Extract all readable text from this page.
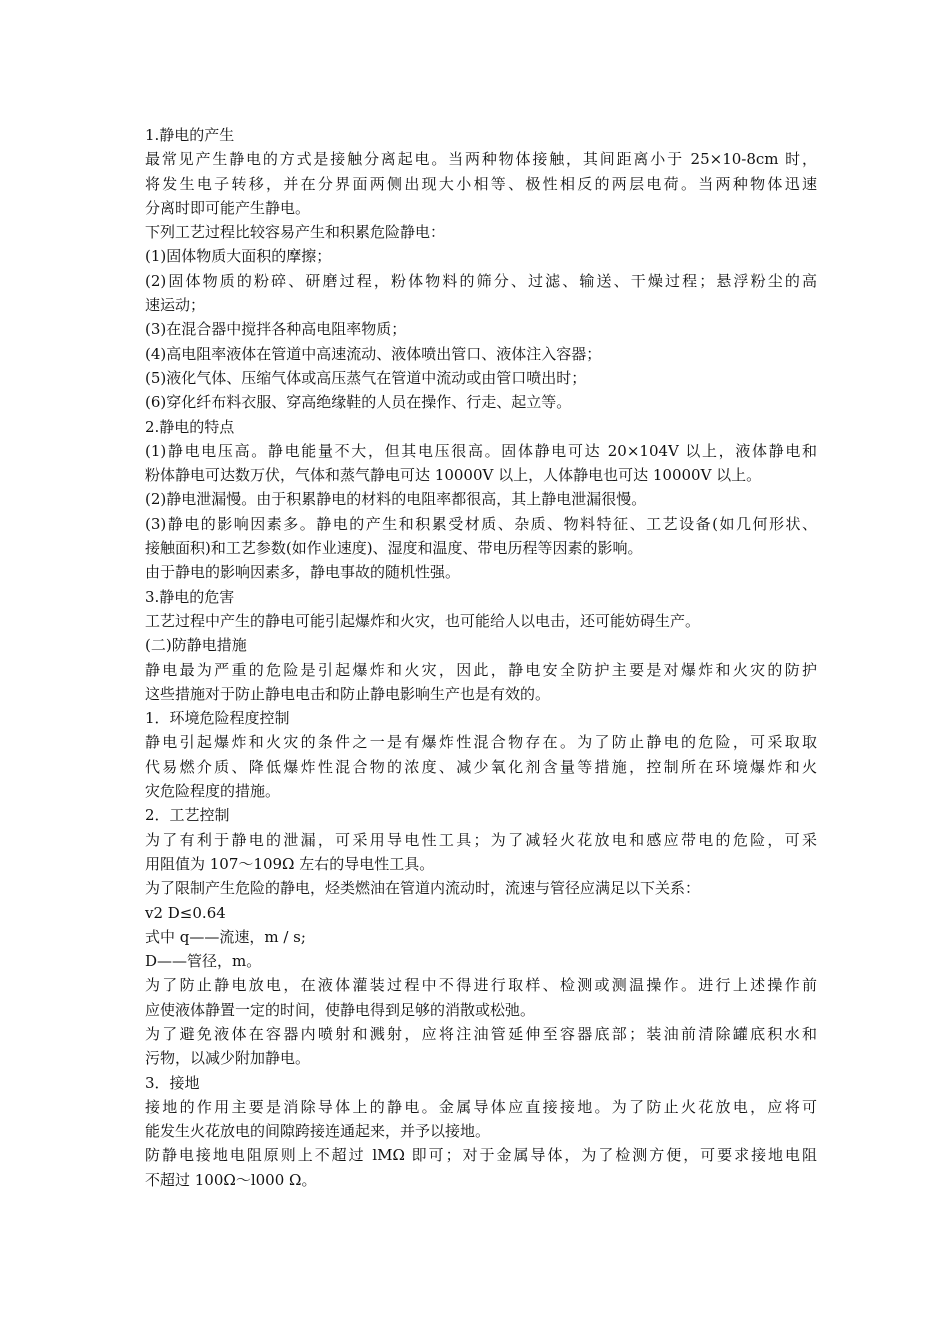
1.静电的产生
最常见产生静电的方式是接触分离起电。当两种物体接触，其间距离小于 25×10-8cm 时，
将发生电子转移，并在分界面两侧出现大小相等、极性相反的两层电荷。当两种物体迅速
分离时即可能产生静电。
下列工艺过程比较容易产生和积累危险静电：
(1)固体物质大面积的摩擦；
(2)固体物质的粉碎、研磨过程，粉体物料的筛分、过滤、输送、干燥过程；悬浮粉尘的高
速运动；
(3)在混合器中搅拌各种高电阻率物质；
(4)高电阻率液体在管道中高速流动、液体喷出管口、液体注入容器；
(5)液化气体、压缩气体或高压蒸气在管道中流动或由管口喷出时；
(6)穿化纤布料衣服、穿高绝缘鞋的人员在操作、行走、起立等。
2.静电的特点
(1)静电电压高。静电能量不大，但其电压很高。固体静电可达 20×104V 以上，液体静电和
粉体静电可达数万伏，气体和蒸气静电可达 10000V 以上，人体静电也可达 10000V 以上。
(2)静电泄漏慢。由于积累静电的材料的电阻率都很高，其上静电泄漏很慢。
(3)静电的影响因素多。静电的产生和积累受材质、杂质、物料特征、工艺设备(如几何形状、
接触面积)和工艺参数(如作业速度)、湿度和温度、带电历程等因素的影响。
由于静电的影响因素多，静电事故的随机性强。
3.静电的危害
工艺过程中产生的静电可能引起爆炸和火灾，也可能给人以电击，还可能妨碍生产。
(二)防静电措施
静电最为严重的危险是引起爆炸和火灾，因此，静电安全防护主要是对爆炸和火灾的防护
这些措施对于防止静电电击和防止静电影响生产也是有效的。
1．环境危险程度控制
静电引起爆炸和火灾的条件之一是有爆炸性混合物存在。为了防止静电的危险，可采取取
代易燃介质、降低爆炸性混合物的浓度、减少氧化剂含量等措施，控制所在环境爆炸和火
灾危险程度的措施。
2．工艺控制
为了有利于静电的泄漏，可采用导电性工具；为了减轻火花放电和感应带电的危险，可采
用阻值为 107～109Ω 左右的导电性工具。
为了限制产生危险的静电，烃类燃油在管道内流动时，流速与管径应满足以下关系：
v2 D≤0.64
式中 q——流速，m / s;
D——管径，m。
为了防止静电放电，在液体灌装过程中不得进行取样、检测或测温操作。进行上述操作前
应使液体静置一定的时间，使静电得到足够的消散或松弛。
为了避免液体在容器内喷射和溅射，应将注油管延伸至容器底部；装油前清除罐底积水和
污物，以减少附加静电。
3．接地
接地的作用主要是消除导体上的静电。金属导体应直接接地。为了防止火花放电，应将可
能发生火花放电的间隙跨接连通起来，并予以接地。
防静电接地电阻原则上不超过 lMΩ 即可；对于金属导体，为了检测方便，可要求接地电阻
不超过 100Ω～l000 Ω。
